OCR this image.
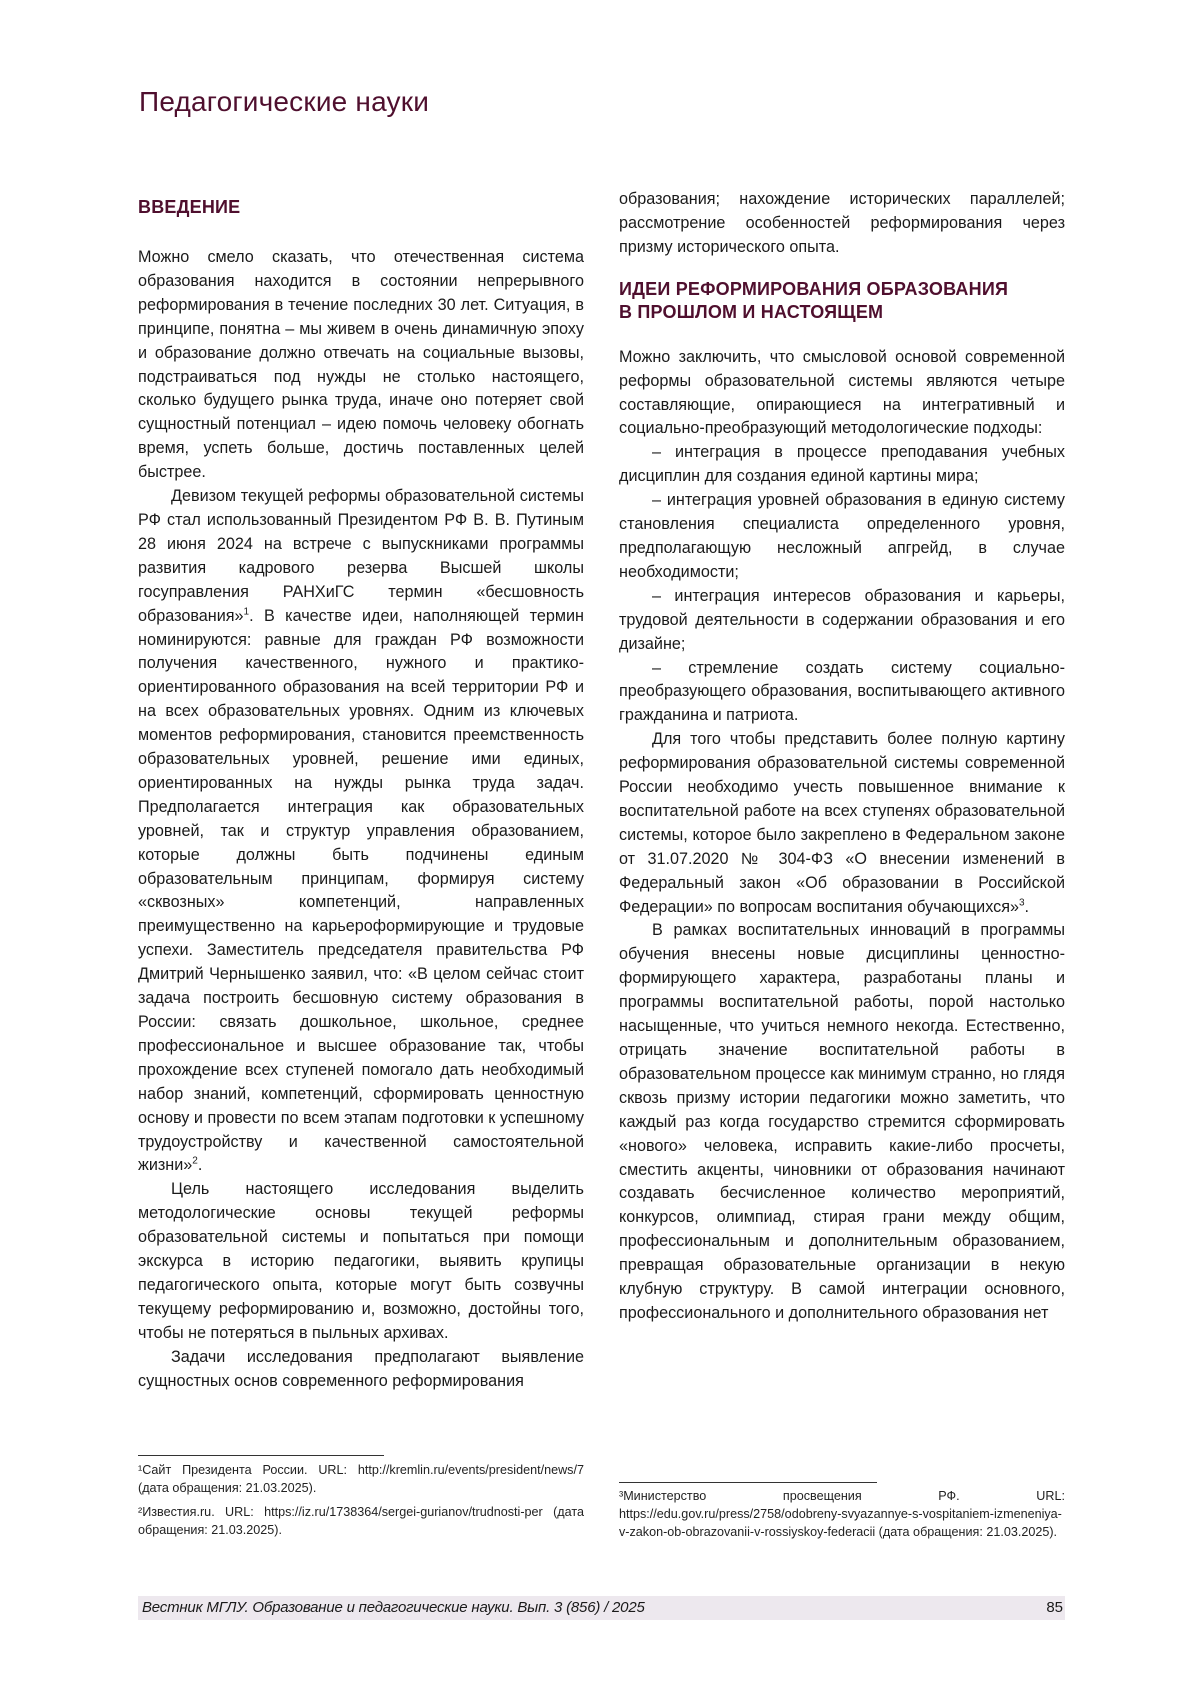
Педагогические науки
ВВЕДЕНИЕ

Можно смело сказать, что отечественная система образования находится в состоянии непрерывного реформирования в течение последних 30 лет. Ситуация, в принципе, понятна – мы живем в очень динамичную эпоху и образование должно отвечать на социальные вызовы, подстраиваться под нужды не столько настоящего, сколько будущего рынка труда, иначе оно потеряет свой сущностный потенциал – идею помочь человеку обогнать время, успеть больше, достичь поставленных целей быстрее.

Девизом текущей реформы образовательной системы РФ стал использованный Президентом РФ В. В. Путиным 28 июня 2024 на встрече с выпускниками программы развития кадрового резерва Высшей школы госуправления РАНХиГС термин «бесшовность образования»$^1$. В качестве идеи, наполняющей термин номинируются: равные для граждан РФ возможности получения качественного, нужного и практико-ориентированного образования на всей территории РФ и на всех образовательных уровнях. Одним из ключевых моментов реформирования, становится преемственность образовательных уровней, решение ими единых, ориентированных на нужды рынка труда задач. Предполагается интеграция как образовательных уровней, так и структур управления образованием, которые должны быть подчинены единым образовательным принципам, формируя систему «сквозных» компетенций, направленных преимущественно на карьероформирующие и трудовые успехи. Заместитель председателя правительства РФ Дмитрий Чернышенко заявил, что: «В целом сейчас стоит задача построить бесшовную систему образования в России: связать дошкольное, школьное, среднее профессиональное и высшее образование так, чтобы прохождение всех ступеней помогало дать необходимый набор знаний, компетенций, сформировать ценностную основу и провести по всем этапам подготовки к успешному трудоустройству и качественной самостоятельной жизни»$^2$.

Цель настоящего исследования выделить методологические основы текущей реформы образовательной системы и попытаться при помощи экскурса в историю педагогики, выявить крупицы педагогического опыта, которые могут быть созвучны текущему реформированию и, возможно, достойны того, чтобы не потеряться в пыльных архивах.

Задачи исследования предполагают выявление сущностных основ современного реформирования

образования; нахождение исторических параллелей; рассмотрение особенностей реформирования через призму исторического опыта.

ИДЕИ РЕФОРМИРОВАНИЯ ОБРАЗОВАНИЯ
В ПРОШЛОМ И НАСТОЯЩЕМ

Можно заключить, что смысловой основой современной реформы образовательной системы являются четыре составляющие, опирающиеся на интегративный и социально-преобразующий методологические подходы:

– интеграция в процессе преподавания учебных дисциплин для создания единой картины мира;

– интеграция уровней образования в единую систему становления специалиста определенного уровня, предполагающую несложный апгрейд, в случае необходимости;

– интеграция интересов образования и карьеры, трудовой деятельности в содержании образования и его дизайне;

– стремление создать систему социально-преобразующего образования, воспитывающего активного гражданина и патриота.

Для того чтобы представить более полную картину реформирования образовательной системы современной России необходимо учесть повышенное внимание к воспитательной работе на всех ступенях образовательной системы, которое было закреплено в Федеральном законе от 31.07.2020 № 304-ФЗ «О внесении изменений в Федеральный закон «Об образовании в Российской Федерации» по вопросам воспитания обучающихся»$^3$.

В рамках воспитательных инноваций в программы обучения внесены новые дисциплины ценностно-формирующего характера, разработаны планы и программы воспитательной работы, порой настолько насыщенные, что учиться немного некогда. Естественно, отрицать значение воспитательной работы в образовательном процессе как минимум странно, но глядя сквозь призму истории педагогики можно заметить, что каждый раз когда государство стремится сформировать «нового» человека, исправить какие-либо просчеты, сместить акценты, чиновники от образования начинают создавать бесчисленное количество мероприятий, конкурсов, олимпиад, стирая грани между общим, профессиональным и дополнительным образованием, превращая образовательные организации в некую клубную структуру. В самой интеграции основного, профессионального и дополнительного образования нет

¹Сайт Президента России. URL: http://kremlin.ru/events/president/news/7 (дата обращения: 21.03.2025).

²Известия.ru. URL: https://iz.ru/1738364/sergei-gurianov/trudnosti-per (дата обращения: 21.03.2025).

³Министерство просвещения РФ. URL: https://edu.gov.ru/press/2758/odobreny-svyazannye-s-vospitaniem-izmeneniya-v-zakon-ob-obrazovanii-v-rossiyskoy-federacii (дата обращения: 21.03.2025).

Вестник МГЛУ. Образование и педагогические науки. Вып. 3 (856) / 2025	85
